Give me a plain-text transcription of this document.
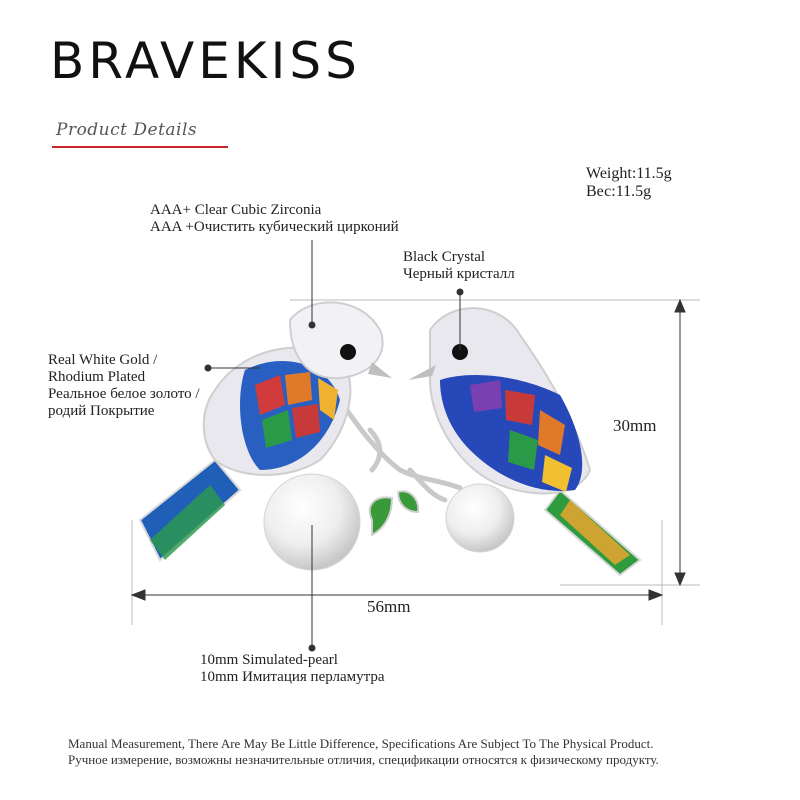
BRAVEKISS
Product Details
Weight:11.5g
Вес:11.5g
AAA+ Clear Cubic Zirconia
AAA +Очистить кубический цирконий
Black Crystal
Черный кристалл
Real White Gold /
Rhodium Plated
Реальное белое золото /
родий Покрытие
30mm
56mm
10mm Simulated-pearl
10mm Имитация перламутра
Manual Measurement, There Are May Be Little Difference, Specifications Are Subject To The Physical Product.
Ручное измерение, возможны незначительные отличия, спецификации относятся к физическому продукту.
